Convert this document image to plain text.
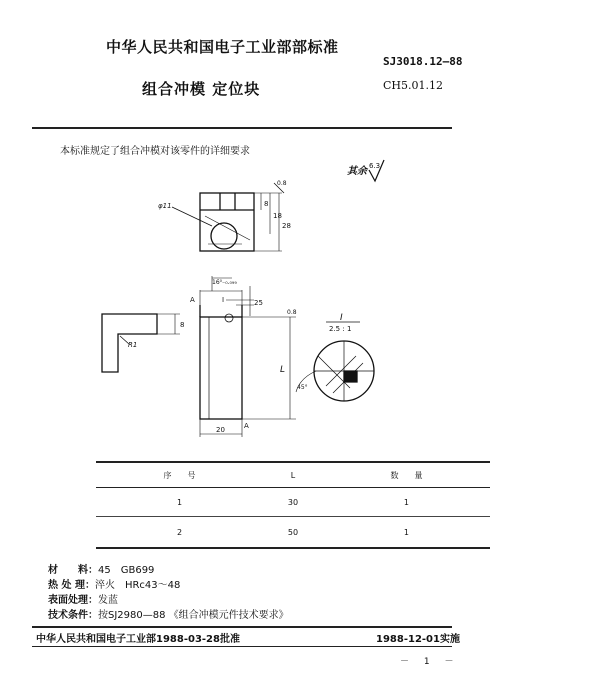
中华人民共和国电子工业部部标准
SJ3018.12—88
组合冲模 定位块	CH5.01.12
本标准规定了组合冲模对该零件的详细要求
其余 6.3
φ11	8
18
28
0.8
16⁰₋₀.₀₉₉
25
L
20
A
A
0.8
I
8
R1
I
2.5 : 1
45°
序　　号	L	数　　量
1	30	1
2	50	1
材　　料：45　GB699
热 处 理：淬火　HRc43～48
表面处理：发蓝
技术条件：按SJ2980—88 《组合冲模元件技术要求》
中华人民共和国电子工业部1988-03-28批准	1988-12-01实施
－ 1 －
